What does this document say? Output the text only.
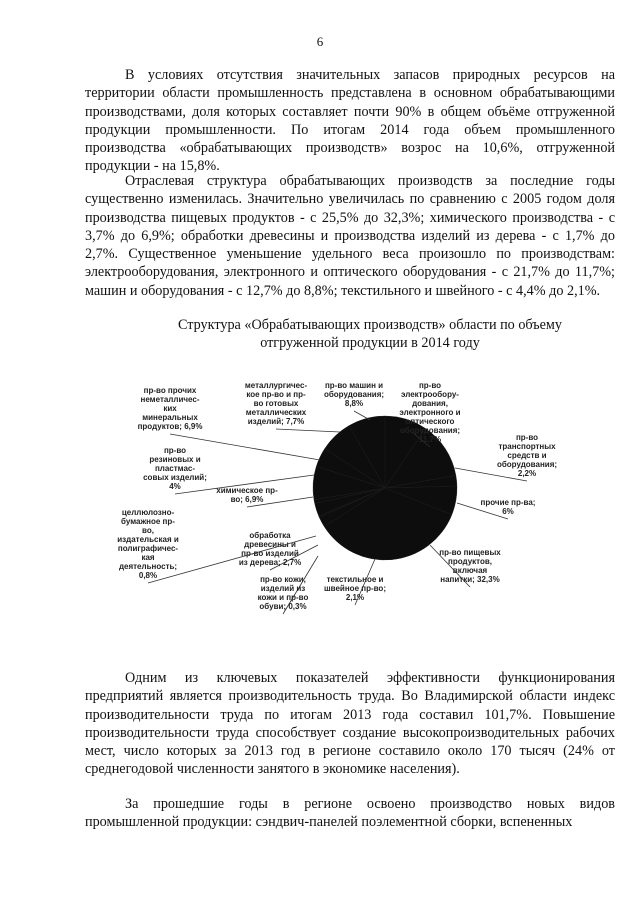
6

В условиях отсутствия значительных запасов природных ресурсов на территории области промышленность представлена в основном обрабатывающими производствами, доля которых составляет почти 90% в общем объёме отгруженной продукции промышленности. По итогам 2014 года объем промышленного производства «обрабатывающих производств» возрос на 10,6%, отгруженной продукции - на 15,8%.

Отраслевая структура обрабатывающих производств за последние годы существенно изменилась. Значительно увеличилась по сравнению с 2005 годом доля производства пищевых продуктов - с 25,5% до 32,3%; химического производства - с 3,7% до 6,9%; обработки древесины и производства изделий из дерева - с 1,7% до 2,7%. Существенное уменьшение удельного веса произошло по производствам: электрооборудования, электронного и оптического оборудования - с 21,7% до 11,7%; машин и оборудования - с 12,7% до 8,8%; текстильного и швейного - с 4,4% до 2,1%.

Структура «Обрабатывающих производств» области по объему
отгруженной продукции в 2014 году
пр-во машин и оборудования; 8,8%
пр-во электрообору-дования, электронного и оптического оборудования; 11,7%	пр-во транспортных средств и оборудования; 2,2%
прочие пр-ва; 6%
пр-во пищевых продуктов, включая напитки; 32,3%
текстильное и швейное пр-во; 2,1%
пр-во кожи, изделий из кожи и пр-во обуви; 0,3%
обработка древесины и пр-во изделий из дерева; 2,7%
целлюлозно-бумажное пр-во, издательская и полиграфичес-кая деятельность; 0,8%
химическое пр-во; 6,9%
пр-во резиновых и пластмас-совых изделий; 4%
пр-во прочих неметалличес-ких минеральных продуктов; 6,9%
металлургичес-кое пр-во и пр-во готовых металлических изделий; 7,7%

Одним из ключевых показателей эффективности функционирования предприятий является производительность труда. Во Владимирской области индекс производительности труда по итогам 2013 года составил 101,7%. Повышение производительности труда способствует создание высокопроизводительных рабочих мест, число которых за 2013 год в регионе составило около 170 тысяч (24% от среднегодовой численности занятого в экономике населения).

За прошедшие годы в регионе освоено производство новых видов промышленной продукции: сэндвич-панелей поэлементной сборки, вспененных
